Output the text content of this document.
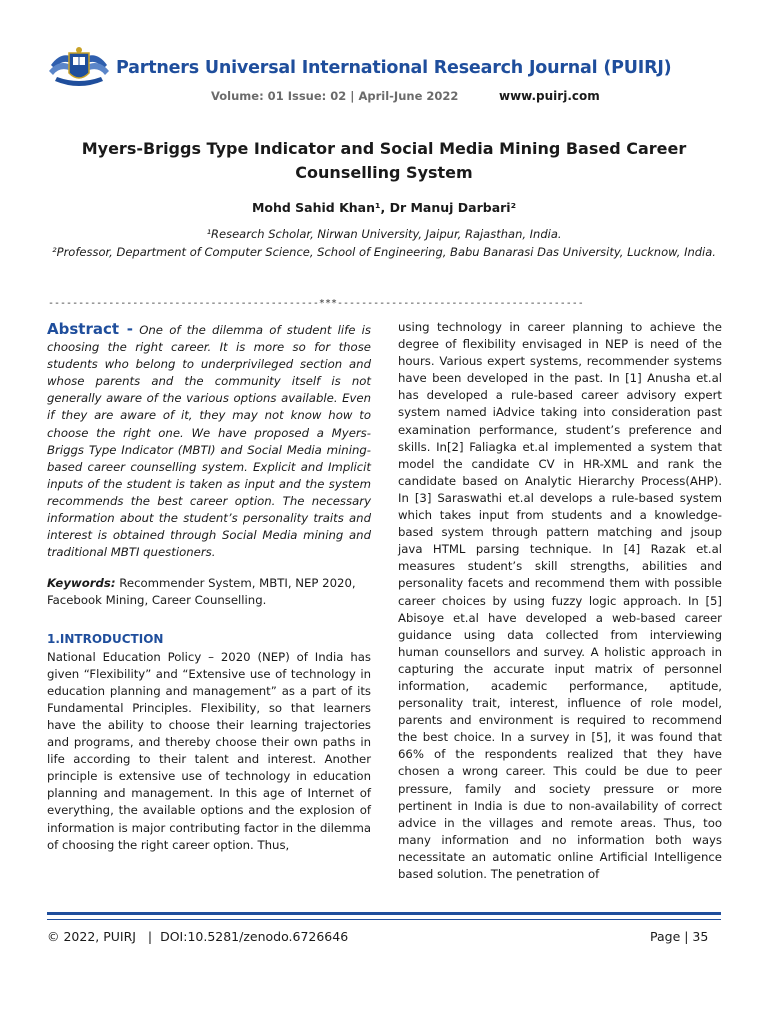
Partners Universal International Research Journal (PUIRJ)
Volume: 01 Issue: 02 | April-June 2022	www.puirj.com
Myers-Briggs Type Indicator and Social Media Mining Based Career Counselling System
Mohd Sahid Khan¹, Dr Manuj Darbari²
¹Research Scholar, Nirwan University, Jaipur, Rajasthan, India.
²Professor, Department of Computer Science, School of Engineering, Babu Banarasi Das University, Lucknow, India.
---------------------------------------------***-----------------------------------------

Abstract - One of the dilemma of student life is choosing the right career. It is more so for those students who belong to underprivileged section and whose parents and the community itself is not generally aware of the various options available. Even if they are aware of it, they may not know how to choose the right one. We have proposed a Myers-Briggs Type Indicator (MBTI) and Social Media mining-based career counselling system. Explicit and Implicit inputs of the student is taken as input and the system recommends the best career option. The necessary information about the student’s personality traits and interest is obtained through Social Media mining and traditional MBTI questioners.

Keywords: Recommender System, MBTI, NEP 2020, Facebook Mining, Career Counselling.

1.INTRODUCTION

National Education Policy – 2020 (NEP) of India has given “Flexibility” and “Extensive use of technology in education planning and management” as a part of its Fundamental Principles. Flexibility, so that learners have the ability to choose their learning trajectories and programs, and thereby choose their own paths in life according to their talent and interest. Another principle is extensive use of technology in education planning and management. In this age of Internet of everything, the available options and the explosion of information is major contributing factor in the dilemma of choosing the right career option. Thus,

using technology in career planning to achieve the degree of flexibility envisaged in NEP is need of the hours. Various expert systems, recommender systems have been developed in the past. In [1] Anusha et.al has developed a rule-based career advisory expert system named iAdvice taking into consideration past examination performance, student’s preference and skills. In[2] Faliagka et.al implemented a system that model the candidate CV in HR-XML and rank the candidate based on Analytic Hierarchy Process(AHP). In [3] Saraswathi et.al develops a rule-based system which takes input from students and a knowledge-based system through pattern matching and jsoup java HTML parsing technique. In [4] Razak et.al measures student’s skill strengths, abilities and personality facets and recommend them with possible career choices by using fuzzy logic approach. In [5] Abisoye et.al have developed a web-based career guidance using data collected from interviewing human counsellors and survey. A holistic approach in capturing the accurate input matrix of personnel information, academic performance, aptitude, personality trait, interest, influence of role model, parents and environment is required to recommend the best choice. In a survey in [5], it was found that 66% of the respondents realized that they have chosen a wrong career. This could be due to peer pressure, family and society pressure or more pertinent in India is due to non-availability of correct advice in the villages and remote areas. Thus, too many information and no information both ways necessitate an automatic online Artificial Intelligence based solution. The penetration of
© 2022, PUIRJ   |  DOI:10.5281/zenodo.6726646	Page | 35
